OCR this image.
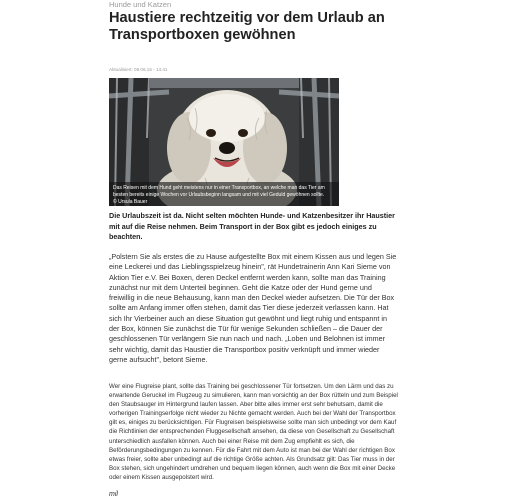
Hunde und Katzen
Haustiere rechtzeitig vor dem Urlaub an Transportboxen gewöhnen
Aktualisiert: 08.06.15 - 14:41
Das Reisen mit dem Hund geht meistens nur in einer Transportbox, an welche man das Tier am besten bereits einige Wochen vor Urlaubsbeginn langsam und mit viel Geduld gewöhnen sollte.
© Ursula Bauer

Die Urlaubszeit ist da. Nicht selten möchten Hunde- und Katzenbesitzer ihr Haustier mit auf die Reise nehmen. Beim Transport in der Box gibt es jedoch einiges zu beachten.

„Polstern Sie als erstes die zu Hause aufgestellte Box mit einem Kissen aus und legen Sie eine Leckerei und das Lieblingsspielzeug hinein", rät Hundetrainerin Ann Kari Sieme von Aktion Tier e.V. Bei Boxen, deren Deckel entfernt werden kann, sollte man das Training zunächst nur mit dem Unterteil beginnen. Geht die Katze oder der Hund gerne und freiwillig in die neue Behausung, kann man den Deckel wieder aufsetzen. Die Tür der Box sollte am Anfang immer offen stehen, damit das Tier diese jederzeit verlassen kann. Hat sich Ihr Vierbeiner auch an diese Situation gut gewöhnt und liegt ruhig und entspannt in der Box, können Sie zunächst die Tür für wenige Sekunden schließen – die Dauer der geschlossenen Tür verlängern Sie nun nach und nach. „Loben und Belohnen ist immer sehr wichtig, damit das Haustier die Transportbox positiv verknüpft und immer wieder gerne aufsucht", betont Sieme.

Wer eine Flugreise plant, sollte das Training bei geschlossener Tür fortsetzen. Um den Lärm und das zu erwartende Geruckel im Flugzeug zu simulieren, kann man vorsichtig an der Box rütteln und zum Beispiel den Staubsauger im Hintergrund laufen lassen. Aber bitte alles immer erst sehr behutsam, damit die vorherigen Trainingserfolge nicht wieder zu Nichte gemacht werden. Auch bei der Wahl der Transportbox gilt es, einiges zu berücksichtigen. Für Flugreisen beispielsweise sollte man sich unbedingt vor dem Kauf die Richtlinien der entsprechenden Fluggesellschaft ansehen, da diese von Gesellschaft zu Gesellschaft unterschiedlich ausfallen können. Auch bei einer Reise mit dem Zug empfiehlt es sich, die Beförderungsbedingungen zu kennen. Für die Fahrt mit dem Auto ist man bei der Wahl der richtigen Box etwas freier, sollte aber unbedingt auf die richtige Größe achten. Als Grundsatz gilt: Das Tier muss in der Box stehen, sich ungehindert umdrehen und bequem liegen können, auch wenn die Box mit einer Decke oder einem Kissen ausgepolstert wird.

mil
